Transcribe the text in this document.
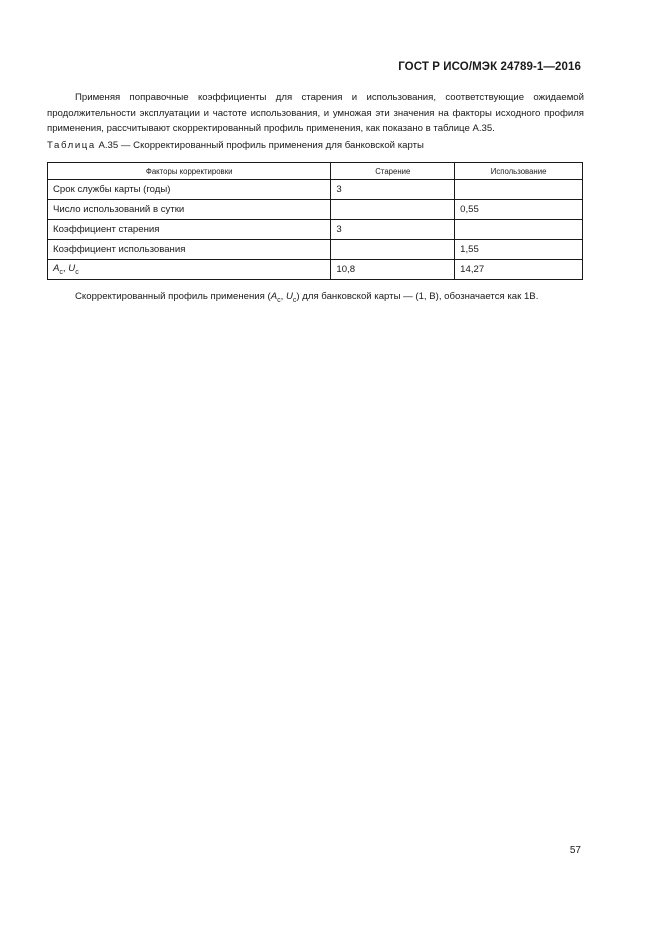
ГОСТ Р ИСО/МЭК 24789-1—2016

Применяя поправочные коэффициенты для старения и использования, соответствующие ожидаемой продолжительности эксплуатации и частоте использования, и умножая эти значения на факторы исходного профиля применения, рассчитывают скорректированный профиль применения, как показано в таблице А.35.

Таблица А.35 — Скорректированный профиль применения для банковской карты

Факторы корректировки	Старение	Использование
Срок службы карты (годы)	3	
Число использований в сутки		0,55
Коэффициент старения	3	
Коэффициент использования		1,55
$A_c$, $U_c$	10,8	14,27

Скорректированный профиль применения ($A_c$, $U_c$) для банковской карты — (1, В), обозначается как 1В.

57
